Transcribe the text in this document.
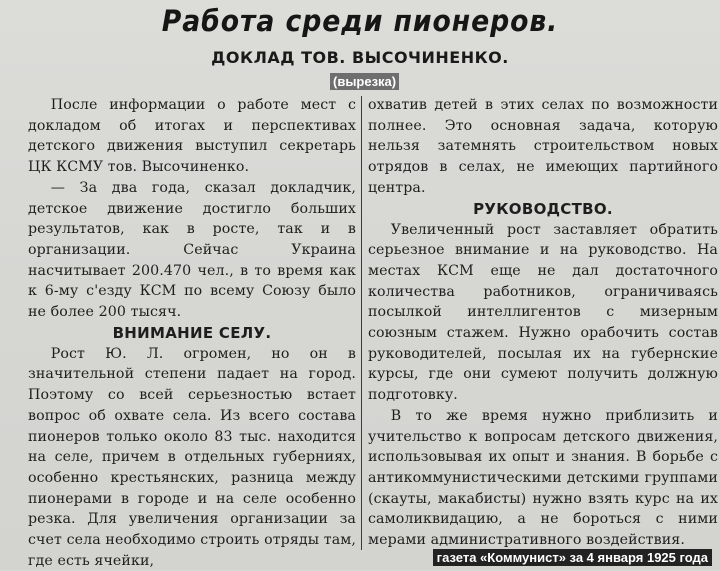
Работа среди пионеров.
ДОКЛАД ТОВ. ВЫСОЧИНЕНКО.
(вырезка)

После информации о работе мест с докладом об итогах и перспективах детского движения выступил секретарь ЦК КСМУ тов. Высочиненко.

— За два года, сказал докладчик, детское движение достигло больших результатов, как в росте, так и в организации. Сейчас Украина насчитывает 200.470 чел., в то время как к 6-му с'езду КСМ по всему Союзу было не более 200 тысяч.

ВНИМАНИЕ СЕЛУ.

Рост Ю. Л. огромен, но он в значительной степени падает на город. Поэтому со всей серьезностью встает вопрос об охвате села. Из всего состава пионеров только около 83 тыс. находится на селе, причем в отдельных губерниях, особенно крестьянских, разница между пионерами в городе и на селе особенно резка. Для увеличения организации за счет села необходимо строить отряды там, где есть ячейки,

охватив детей в этих селах по возможности полнее. Это основная задача, которую нельзя затемнять строительством новых отрядов в селах, не имеющих партийного центра.

РУКОВОДСТВО.

Увеличенный рост заставляет обратить серьезное внимание и на руководство. На местах КСМ еще не дал достаточного количества работников, ограничиваясь посылкой интеллигентов с мизерным союзным стажем. Нужно орабочить состав руководителей, посылая их на губернские курсы, где они сумеют получить должную подготовку.

В то же время нужно приблизить и учительство к вопросам детского движения, использовывая их опыт и знания. В борьбе с антикоммунистическими детскими группами (скауты, макабисты) нужно взять курс на их самоликвидацию, а не бороться с ними мерами административного воздействия.

газета «Коммунист» за 4 января 1925 года
